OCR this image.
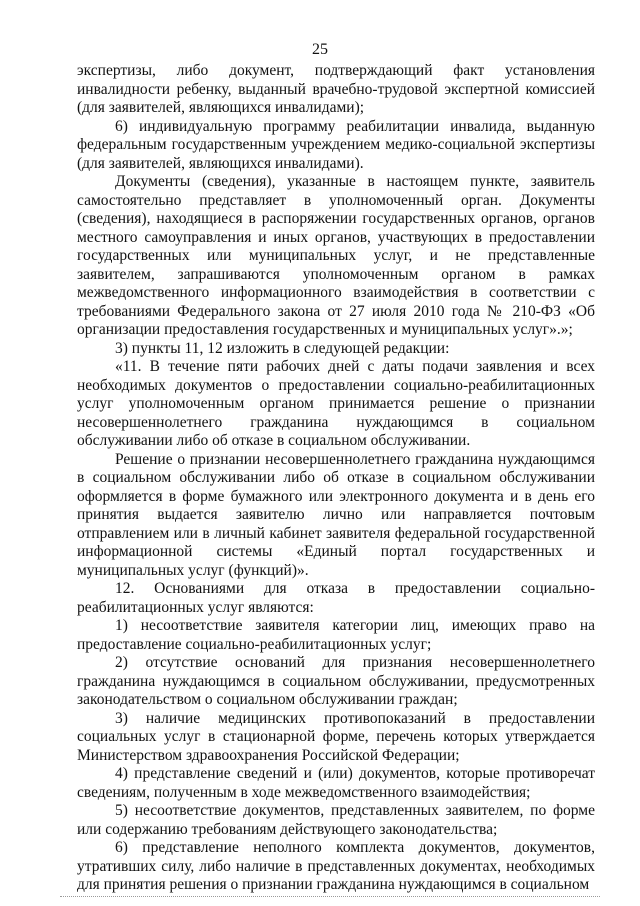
25

экспертизы, либо документ, подтверждающий факт установления инвалидности ребенку, выданный врачебно-трудовой экспертной комиссией (для заявителей, являющихся инвалидами);

6) индивидуальную программу реабилитации инвалида, выданную федеральным государственным учреждением медико-социальной экспертизы (для заявителей, являющихся инвалидами).

Документы (сведения), указанные в настоящем пункте, заявитель самостоятельно представляет в уполномоченный орган. Документы (сведения), находящиеся в распоряжении государственных органов, органов местного самоуправления и иных органов, участвующих в предоставлении государственных или муниципальных услуг, и не представленные заявителем, запрашиваются уполномоченным органом в рамках межведомственного информационного взаимодействия в соответствии с требованиями Федерального закона от 27 июля 2010 года № 210-ФЗ «Об организации предоставления государственных и муниципальных услуг».»;

3) пункты 11, 12 изложить в следующей редакции:

«11. В течение пяти рабочих дней с даты подачи заявления и всех необходимых документов о предоставлении социально-реабилитационных услуг уполномоченным органом принимается решение о признании несовершеннолетнего гражданина нуждающимся в социальном обслуживании либо об отказе в социальном обслуживании.

Решение о признании несовершеннолетнего гражданина нуждающимся в социальном обслуживании либо об отказе в социальном обслуживании оформляется в форме бумажного или электронного документа и в день его принятия выдается заявителю лично или направляется почтовым отправлением или в личный кабинет заявителя федеральной государственной информационной системы «Единый портал государственных и муниципальных услуг (функций)».

12. Основаниями для отказа в предоставлении социально-реабилитационных услуг являются:

1) несоответствие заявителя категории лиц, имеющих право на предоставление социально-реабилитационных услуг;

2) отсутствие оснований для признания несовершеннолетнего гражданина нуждающимся в социальном обслуживании, предусмотренных законодательством о социальном обслуживании граждан;

3) наличие медицинских противопоказаний в предоставлении социальных услуг в стационарной форме, перечень которых утверждается Министерством здравоохранения Российской Федерации;

4) представление сведений и (или) документов, которые противоречат сведениям, полученным в ходе межведомственного взаимодействия;

5) несоответствие документов, представленных заявителем, по форме или содержанию требованиям действующего законодательства;

6) представление неполного комплекта документов, документов, утративших силу, либо наличие в представленных документах, необходимых для принятия решения о признании гражданина нуждающимся в социальном
